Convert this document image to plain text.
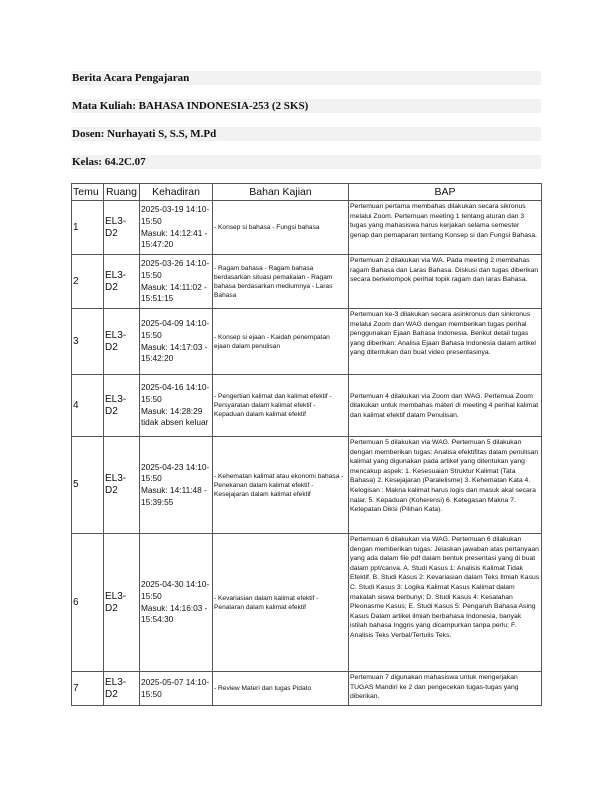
Berita Acara Pengajaran
Mata Kuliah: BAHASA INDONESIA-253 (2 SKS)
Dosen: Nurhayati S, S.S, M.Pd
Kelas: 64.2C.07
Temu	Ruang	Kehadiran	Bahan Kajian	BAP
1	EL3-D2	2025-03-19 14:10-15:50
Masuk: 14:12:41 - 15:47:20	- Konsep si bahasa - Fungsi bahasa	Pertemuan pertama membahas dilakukan secara sikronus melalui Zoom. Pertemuan meeting 1 tentang aturan dan 3 tugas yang mahasiswa harus kerjakan selama semester genap dan pemaparan tentang Konsep si dan Fungsi Bahasa.
2	EL3-D2	2025-03-26 14:10-15:50
Masuk: 14:11:02 - 15:51:15	- Ragam bahasa - Ragam bahasa berdasarkan situasi pemakaian - Ragam bahasa berdasarkan mediumnya - Laras Bahasa	Pertemuan 2 dilakukan via WA. Pada meeting 2 membahas ragam Bahasa dan Laras Bahasa. Diskusi dan tugas diberikan secara berkelompok perihal topik ragam dan laras Bahasa.
3	EL3-D2	2025-04-09 14:10-15:50
Masuk: 14:17:03 - 15:42:20	- Konsep si ejaan - Kaidah penempatan ejaan dalam penulisan	Pertemuan ke-3 dilakukan secara asinkronus dan sinkronus melalui Zoom dan WAG dengan memberikan tugas perihal penggunakan Ejaan Bahasa Indonesia. Berikut detail tugas yang diberikan: Analisa Ejaan Bahasa Indonesia dalam artikel yang ditentukan dan buat video presentasinya.
4	EL3-D2	2025-04-16 14:10-15:50
Masuk: 14:28:29
tidak absen keluar	- Pengertian kalimat dan kalimat efektif - Persyaratan dalam kalimat efektif - Kepaduan dalam kalimat efektif	Pertemuan 4 dilakukan via Zoom dan WAG. Pertemua Zoom dilakukan untuk membahas materi di meeting 4 perihal kalimat dan kalimat efektif dalam Penulisan.
5	EL3-D2	2025-04-23 14:10-15:50
Masuk: 14:11:48 - 15:39:55	- Kehematan kalimat atau ekonomi bahasa - Penekanan dalam kalimat efektif - Kesejajaran dalam kalimat efektif	Pertemuan 5 dilakukan via WAG. Pertemuan 5 dilakukan dengan memberikan tugas: Analisa efektifitas dalam penulisan kalimat yang digunakan pada artikel yang ditentukan yang mencakup aspek: 1. Kesesuaian Struktur Kalimat (Tata Bahasa) 2. Kesejajaran (Paralelisme) 3. Kehematan Kata 4. Kelogisan : Makna kalimat harus logis dan masuk akal secara nalar. 5. Kepaduan (Koherensi) 6. Ketegasan Makna 7. Ketepatan Diksi (Pilihan Kata).
6	EL3-D2	2025-04-30 14:10-15:50
Masuk: 14:16:03 - 15:54:30	- Kevariasian dalam kalimat efektif - Penalaran dalam kalimat efektif	Pertemuan 6 dilakukan via WAG. Pertemuan 6 dilakukan dengan memberikan tugas: Jelaskan jawaban atas pertanyaan yang ada dalam file pdf dalam bentuk presentasi yang di buat dalam ppt/canva. A. Studi Kasus 1: Analisis Kalimat Tidak Efektif. B. Studi Kasus 2: Kevariasian dalam Teks Ilmiah Kasus C. Studi Kasus 3: Logika Kalimat Kasus Kalimat dalam makalah siswa berbunyi; D. Studi Kasus 4: Kesalahan Pleonasme Kasus; E. Studi Kasus 5: Pengaruh Bahasa Asing Kasus Dalam artikel ilmiah berbahasa Indonesia, banyak istilah bahasa Inggris yang dicampurkan tanpa perlu; F. Analisis Teks Verbal/Tertulis Teks.
7	EL3-D2	2025-05-07 14:10-15:50	- Review Materi dan tugas Pidato	Pertemuan 7 digunakan mahasiswa untuk mengerjakan TUGAS Mandiri ke 2 dan pengecekan tugas-tugas yang diberikan.
